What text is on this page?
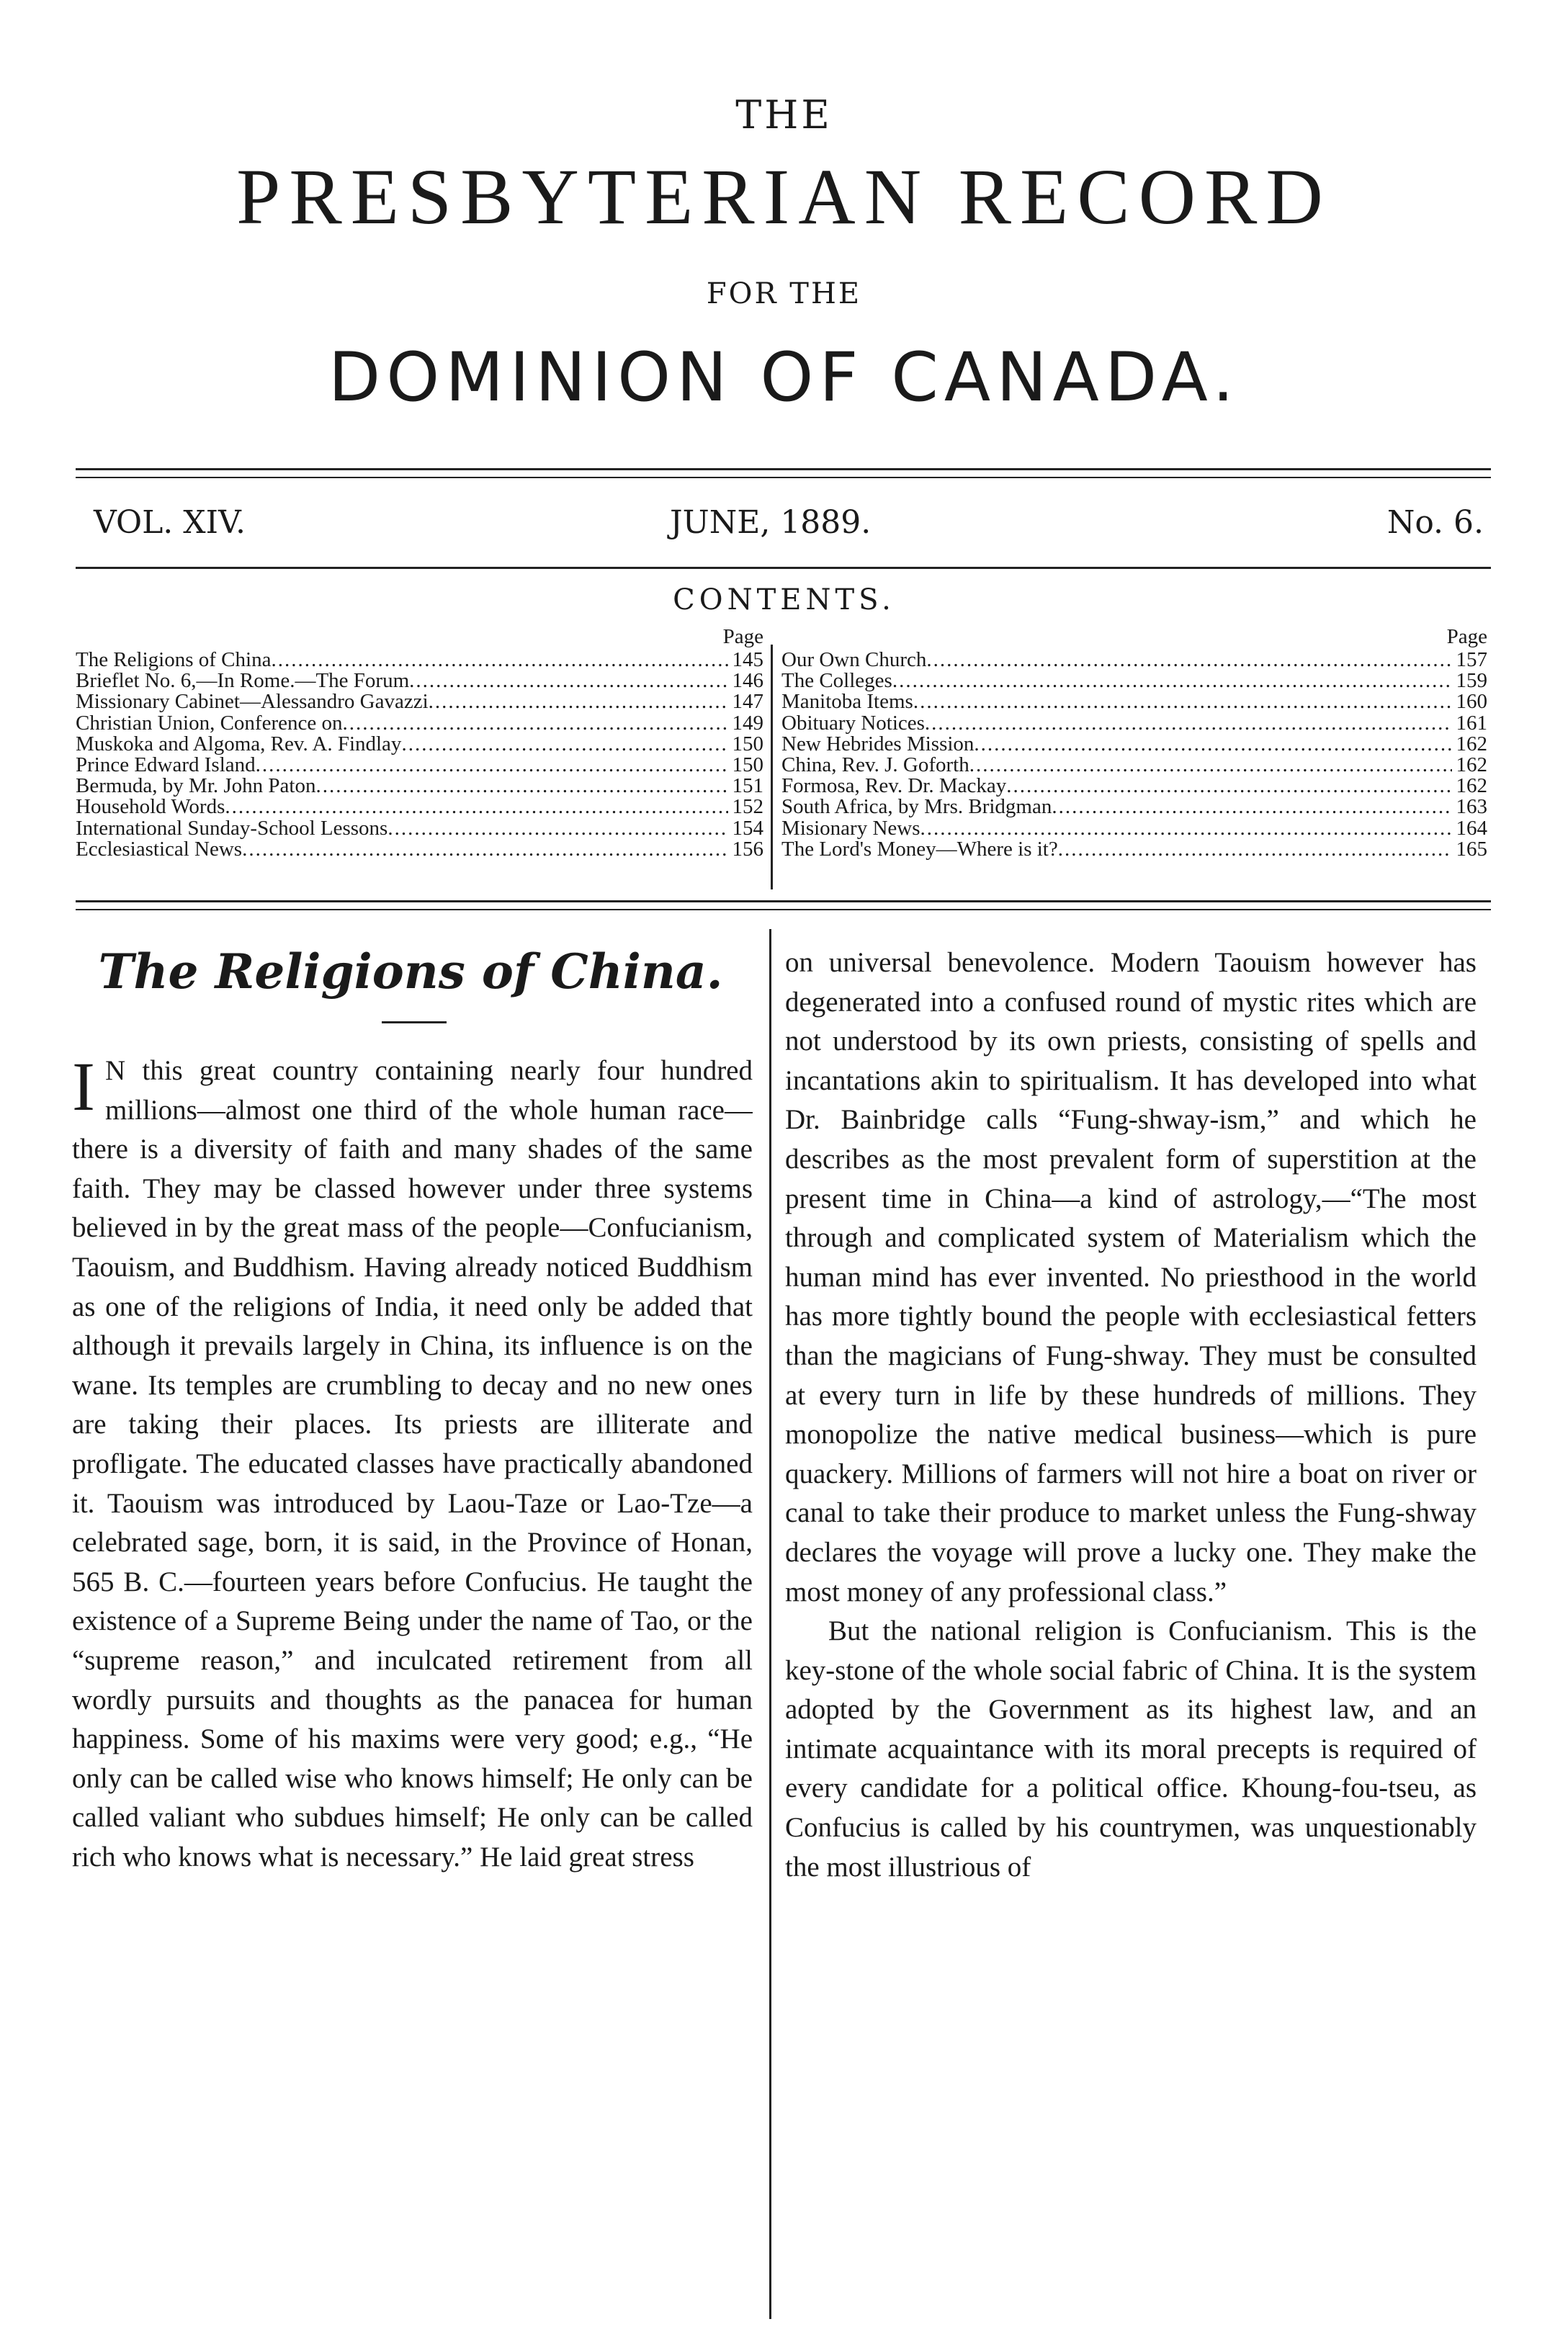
THE
PRESBYTERIAN RECORD
FOR THE
DOMINION OF CANADA.
VOL. XIV.	JUNE, 1889.	No. 6.
CONTENTS.
Page
The Religions of China .....	145
Brieflet No. 6,—In Rome.—The Forum .....	146
Missionary Cabinet—Alessandro Gavazzi .....	147
Christian Union, Conference on .....	149
Muskoka and Algoma, Rev. A. Findlay .....	150
Prince Edward Island .....	150
Bermuda, by Mr. John Paton .....	151
Household Words .....	152
International Sunday-School Lessons .....	154
Ecclesiastical News .....	156
Page
Our Own Church .....	157
The Colleges .....	159
Manitoba Items .....	160
Obituary Notices .....	161
New Hebrides Mission .....	162
China, Rev. J. Goforth .....	162
Formosa, Rev. Dr. Mackay .....	162
South Africa, by Mrs. Bridgman .....	163
Misionary News .....	164
The Lord's Money—Where is it? .....	165
The Religions of China.

I N this great country containing nearly four hundred millions—almost one third of the whole human race—there is a diversity of faith and many shades of the same faith. They may be classed however under three systems believed in by the great mass of the people—Confucianism, Taouism, and Buddhism. Having already noticed Buddhism as one of the religions of India, it need only be added that although it prevails largely in China, its influence is on the wane. Its temples are crumbling to decay and no new ones are taking their places. Its priests are illiterate and profligate. The educated classes have practically abandoned it. Taouism was introduced by Laou-Taze or Lao-Tze—a celebrated sage, born, it is said, in the Province of Honan, 565 B. C.—fourteen years before Confucius. He taught the existence of a Supreme Being under the name of Tao, or the “supreme reason,” and inculcated retirement from all wordly pursuits and thoughts as the panacea for human happiness. Some of his maxims were very good; e.g., “He only can be called wise who knows himself; He only can be called valiant who subdues himself; He only can be called rich who knows what is necessary.” He laid great stress

on universal benevolence. Modern Taouism however has degenerated into a confused round of mystic rites which are not understood by its own priests, consisting of spells and incantations akin to spiritualism. It has developed into what Dr. Bainbridge calls “Fung-shway-ism,” and which he describes as the most prevalent form of superstition at the present time in China—a kind of astrology,—“The most through and complicated system of Materialism which the human mind has ever invented. No priesthood in the world has more tightly bound the people with ecclesiastical fetters than the magicians of Fung-shway. They must be consulted at every turn in life by these hundreds of millions. They monopolize the native medical business—which is pure quackery. Millions of farmers will not hire a boat on river or canal to take their produce to market unless the Fung-shway declares the voyage will prove a lucky one. They make the most money of any professional class.”

But the national religion is Confucianism. This is the key-stone of the whole social fabric of China. It is the system adopted by the Government as its highest law, and an intimate acquaintance with its moral precepts is required of every candidate for a political office. Khoung-fou-tseu, as Confucius is called by his countrymen, was unquestionably the most illustrious of
